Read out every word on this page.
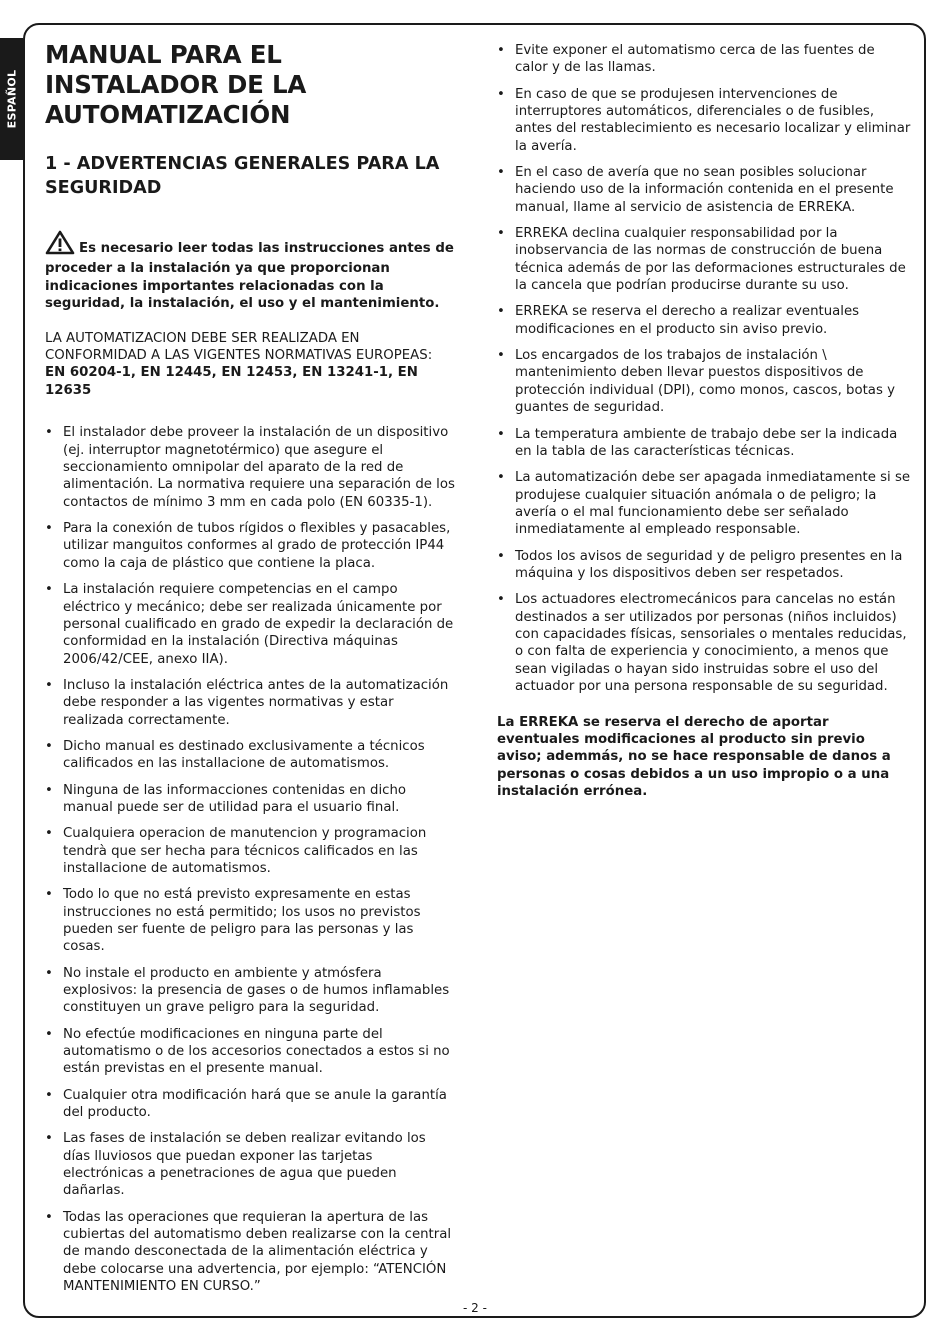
ESPAÑOL
MANUAL PARA EL INSTALADOR DE LA AUTOMATIZACIÓN
1 - ADVERTENCIAS GENERALES PARA LA SEGURIDAD
Es necesario leer todas las instrucciones antes de proceder a la instalación ya que proporcionan indicaciones importantes relacionadas con la seguridad, la instalación, el uso y el mantenimiento.
LA AUTOMATIZACION DEBE SER REALIZADA EN CONFORMIDAD A LAS VIGENTES NORMATIVAS EUROPEAS:
EN 60204-1, EN 12445, EN 12453, EN 13241-1, EN 12635
• El instalador debe proveer la instalación de un dispositivo (ej. interruptor magnetotérmico) que asegure el seccionamiento omnipolar del aparato de la red de alimentación. La normativa requiere una separación de los contactos de mínimo 3 mm en cada polo (EN 60335-1).
• Para la conexión de tubos rígidos o flexibles y pasacables, utilizar manguitos conformes al grado de protección IP44 como la caja de plástico que contiene la placa.
• La instalación requiere competencias en el campo eléctrico y mecánico; debe ser realizada únicamente por personal cualificado en grado de expedir la declaración de conformidad en la instalación (Directiva máquinas 2006/42/CEE, anexo IIA).
• Incluso la instalación eléctrica antes de la automatización debe responder a las vigentes normativas y estar realizada correctamente.
• Dicho manual es destinado exclusivamente a técnicos calificados en las installacione de automatismos.
• Ninguna de las informacciones contenidas en dicho manual puede ser de utilidad para el usuario final.
• Cualquiera operacion de manutencion y programacion tendrà que ser hecha para técnicos calificados en las installacione de automatismos.
• Todo lo que no está previsto expresamente en estas instrucciones no está permitido; los usos no previstos pueden ser fuente de peligro para las personas y las cosas.
• No instale el producto en ambiente y atmósfera explosivos: la presencia de gases o de humos inflamables constituyen un grave peligro para la seguridad.
• No efectúe modificaciones en ninguna parte del automatismo o de los accesorios conectados a estos si no están previstas en el presente manual.
• Cualquier otra modificación hará que se anule la garantía del producto.
• Las fases de instalación se deben realizar evitando los días lluviosos que puedan exponer las tarjetas electrónicas a penetraciones de agua que pueden dañarlas.
• Todas las operaciones que requieran la apertura de las cubiertas del automatismo deben realizarse con la central de mando desconectada de la alimentación eléctrica y debe colocarse una advertencia, por ejemplo: “ATENCIÓN MANTENIMIENTO EN CURSO.”
• Evite exponer el automatismo cerca de las fuentes de calor y de las llamas.
• En caso de que se produjesen intervenciones de interruptores automáticos, diferenciales o de fusibles, antes del restablecimiento es necesario localizar y eliminar la avería.
• En el caso de avería que no sean posibles solucionar haciendo uso de la información contenida en el presente manual, llame al servicio de asistencia de ERREKA.
• ERREKA declina cualquier responsabilidad por la inobservancia de las normas de construcción de buena técnica además de por las deformaciones estructurales de la cancela que podrían producirse durante su uso.
• ERREKA se reserva el derecho a realizar eventuales modificaciones en el producto sin aviso previo.
• Los encargados de los trabajos de instalación \ mantenimiento deben llevar puestos dispositivos de protección individual (DPI), como monos, cascos, botas y guantes de seguridad.
• La temperatura ambiente de trabajo debe ser la indicada en la tabla de las características técnicas.
• La automatización debe ser apagada inmediatamente si se produjese cualquier situación anómala o de peligro; la avería o el mal funcionamiento debe ser señalado inmediatamente al empleado responsable.
• Todos los avisos de seguridad y de peligro presentes en la máquina y los dispositivos deben ser respetados.
• Los actuadores electromecánicos para cancelas no están destinados a ser utilizados por personas (niños incluidos) con capacidades físicas, sensoriales o mentales reducidas, o con falta de experiencia y conocimiento, a menos que sean vigiladas o hayan sido instruidas sobre el uso del actuador por una persona responsable de su seguridad.
La ERREKA se reserva el derecho de aportar eventuales modificaciones al producto sin previo aviso; ademmás, no se hace responsable de danos a personas o cosas debidos a un uso impropio o a una instalación errónea.
- 2 -
